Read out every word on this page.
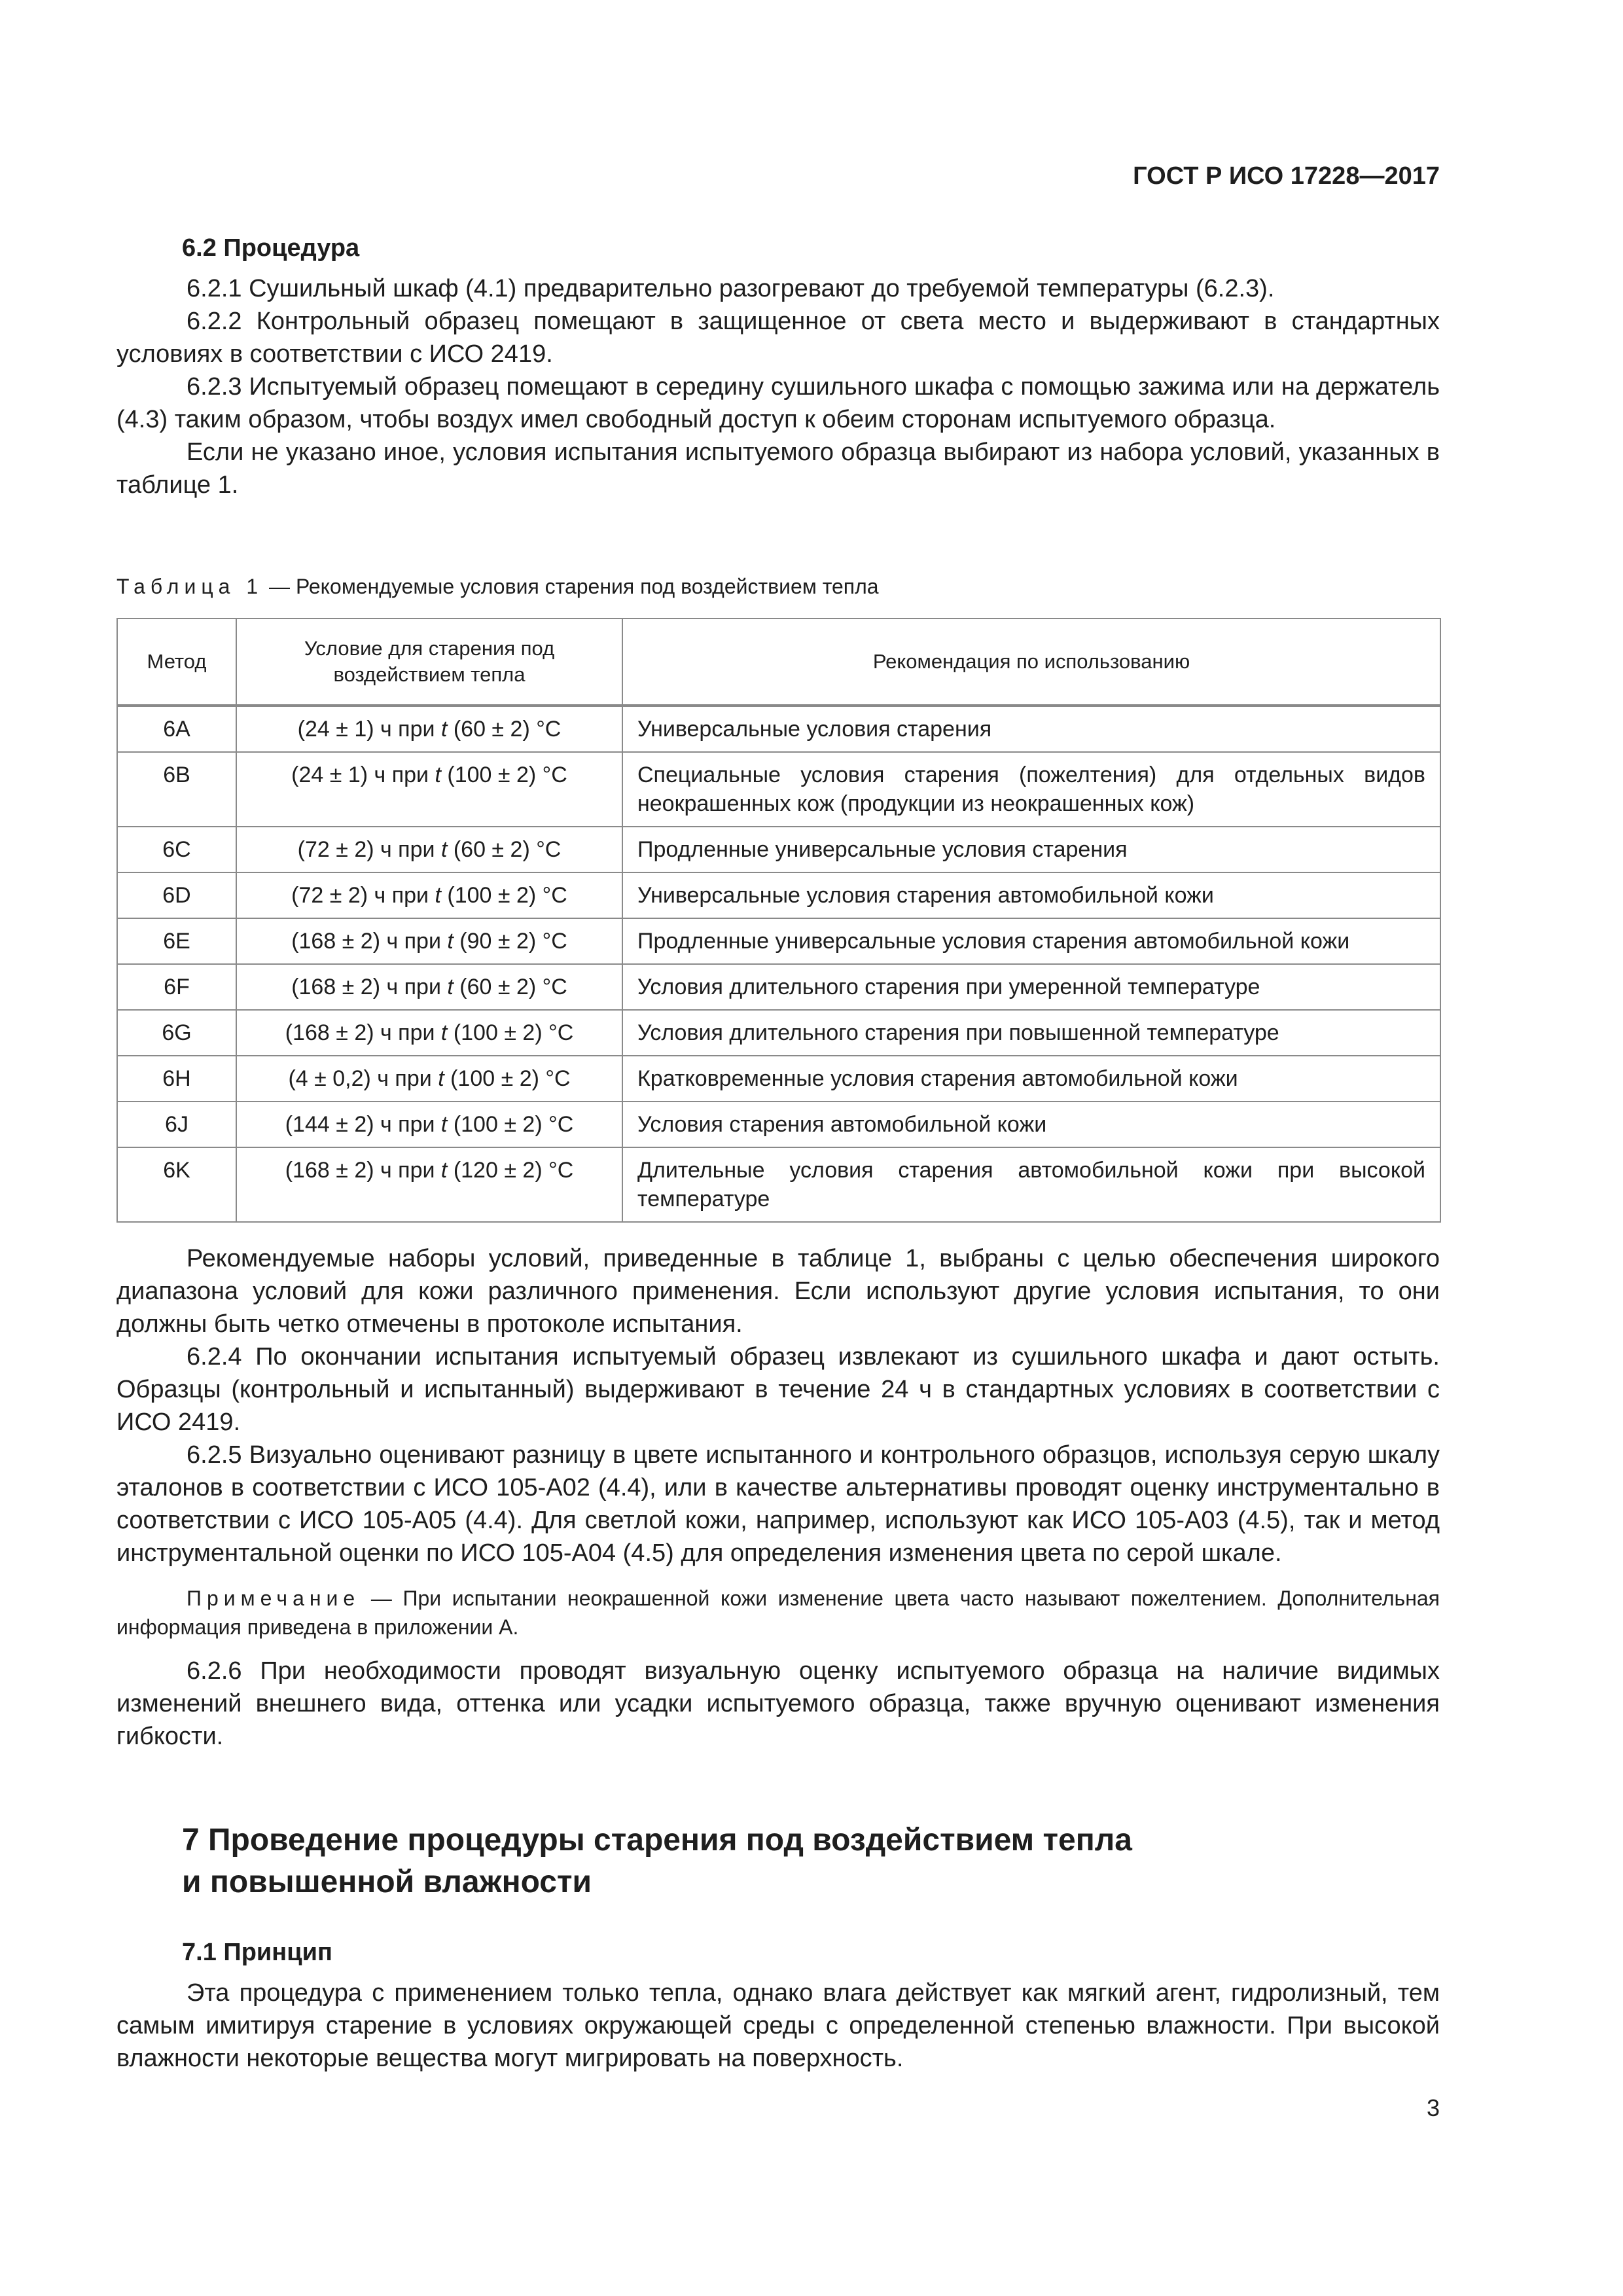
ГОСТ Р ИСО 17228—2017
6.2 Процедура

6.2.1 Сушильный шкаф (4.1) предварительно разогревают до требуемой температуры (6.2.3).

6.2.2 Контрольный образец помещают в защищенное от света место и выдерживают в стандартных условиях в соответствии с ИСО 2419.

6.2.3 Испытуемый образец помещают в середину сушильного шкафа с помощью зажима или на держатель (4.3) таким образом, чтобы воздух имел свободный доступ к обеим сторонам испытуемого образца.

Если не указано иное, условия испытания испытуемого образца выбирают из набора условий, указанных в таблице 1.

Таблица 1 — Рекомендуемые условия старения под воздействием тепла
Метод	Условие для старения под воздействием тепла	Рекомендация по использованию
6A	(24 ± 1) ч при t (60 ± 2) °C	Универсальные условия старения
6B	(24 ± 1) ч при t (100 ± 2) °C	Специальные условия старения (пожелтения) для отдельных видов неокрашенных кож (продукции из неокрашенных кож)
6C	(72 ± 2) ч при t (60 ± 2) °C	Продленные универсальные условия старения
6D	(72 ± 2) ч при t (100 ± 2) °C	Универсальные условия старения автомобильной кожи
6E	(168 ± 2) ч при t (90 ± 2) °C	Продленные универсальные условия старения автомобильной кожи
6F	(168 ± 2) ч при t (60 ± 2) °C	Условия длительного старения при умеренной температуре
6G	(168 ± 2) ч при t (100 ± 2) °C	Условия длительного старения при повышенной температуре
6H	(4 ± 0,2) ч при t (100 ± 2) °C	Кратковременные условия старения автомобильной кожи
6J	(144 ± 2) ч при t (100 ± 2) °C	Условия старения автомобильной кожи
6K	(168 ± 2) ч при t (120 ± 2) °C	Длительные условия старения автомобильной кожи при высокой температуре

Рекомендуемые наборы условий, приведенные в таблице 1, выбраны с целью обеспечения широкого диапазона условий для кожи различного применения. Если используют другие условия испытания, то они должны быть четко отмечены в протоколе испытания.

6.2.4 По окончании испытания испытуемый образец извлекают из сушильного шкафа и дают остыть. Образцы (контрольный и испытанный) выдерживают в течение 24 ч в стандартных условиях в соответствии с ИСО 2419.

6.2.5 Визуально оценивают разницу в цвете испытанного и контрольного образцов, используя серую шкалу эталонов в соответствии с ИСО 105-А02 (4.4), или в качестве альтернативы проводят оценку инструментально в соответствии с ИСО 105-А05 (4.4). Для светлой кожи, например, используют как ИСО 105-А03 (4.5), так и метод инструментальной оценки по ИСО 105-А04 (4.5) для определения изменения цвета по серой шкале.

Примечание — При испытании неокрашенной кожи изменение цвета часто называют пожелтением. Дополнительная информация приведена в приложении А.

6.2.6 При необходимости проводят визуальную оценку испытуемого образца на наличие видимых изменений внешнего вида, оттенка или усадки испытуемого образца, также вручную оценивают изменения гибкости.

7 Проведение процедуры старения под воздействием тепла

и повышенной влажности

7.1 Принцип

Эта процедура с применением только тепла, однако влага действует как мягкий агент, гидролизный, тем самым имитируя старение в условиях окружающей среды с определенной степенью влажности. При высокой влажности некоторые вещества могут мигрировать на поверхность.

3
